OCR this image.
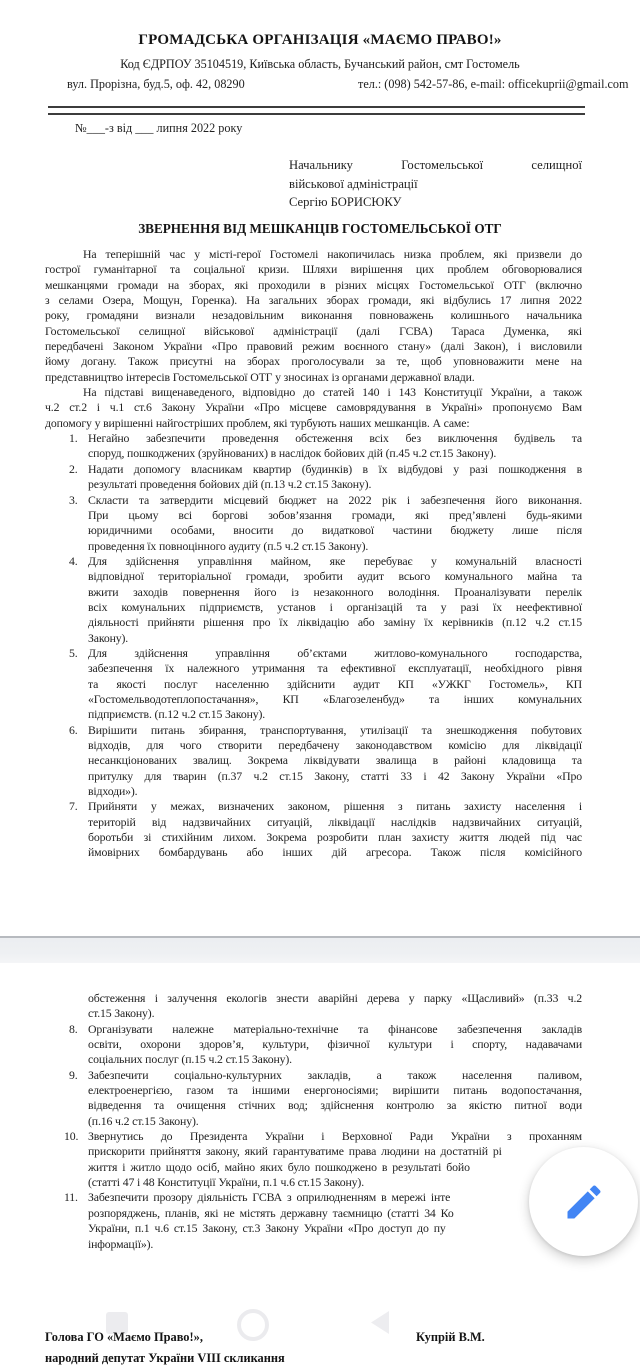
ГРОМАДСЬКА ОРГАНІЗАЦІЯ «МАЄМО ПРАВО!»
Код ЄДРПОУ 35104519, Київська область, Бучанський район, смт Гостомель
вул. Прорізна, буд.5, оф. 42, 08290	тел.: (098) 542-57-86, e-mail: officekuprii@gmail.com
№___-з від ___ липня 2022 року
Начальнику Гостомельської селищної
військової адміністрації
Сергію БОРИСЮКУ
ЗВЕРНЕННЯ ВІД МЕШКАНЦІВ ГОСТОМЕЛЬСЬКОЇ ОТГ
На теперішній час у місті-герої Гостомелі накопичилась низка проблем, які призвели до
гострої гуманітарної та соціальної кризи. Шляхи вирішення цих проблем обговорювалися
мешканцями громади на зборах, які проходили в різних місцях Гостомельської ОТГ (включно
з селами Озера, Мощун, Горенка). На загальних зборах громади, які відбулись 17 липня 2022
року, громадяни визнали незадовільним виконання повноважень колишнього начальника
Гостомельської селищної військової адміністрації (далі ГСВА) Тараса Думенка, які
передбачені Законом України «Про правовий режим воєнного стану» (далі Закон), і висловили
йому догану. Також присутні на зборах проголосували за те, щоб уповноважити мене на
представництво інтересів Гостомельської ОТГ у зносинах із органами державної влади.
На підставі вищенаведеного, відповідно до статей 140 і 143 Конституції України, а також
ч.2 ст.2 і ч.1 ст.6 Закону України «Про місцеве самоврядування в Україні» пропонуємо Вам
допомогу у вирішенні найгостріших проблем, які турбують наших мешканців. А саме:
1. Негайно забезпечити проведення обстеження всіх без виключення будівель та
споруд, пошкоджених (зруйнованих) в наслідок бойових дій (п.45 ч.2 ст.15 Закону).
2. Надати допомогу власникам квартир (будинків) в їх відбудові у разі пошкодження в
результаті проведення бойових дій (п.13 ч.2 ст.15 Закону).
3. Скласти та затвердити місцевий бюджет на 2022 рік і забезпечення його виконання.
При цьому всі боргові зобов’язання громади, які пред’явлені будь-якими
юридичними особами, вносити до видаткової частини бюджету лише після
проведення їх повноцінного аудиту (п.5 ч.2 ст.15 Закону).
4. Для здійснення управління майном, яке перебуває у комунальній власності
відповідної територіальної громади, зробити аудит всього комунального майна та
вжити заходів повернення його із незаконного володіння. Проаналізувати перелік
всіх комунальних підприємств, установ і організацій та у разі їх неефективної
діяльності прийняти рішення про їх ліквідацію або заміну їх керівників (п.12 ч.2 ст.15
Закону).
5. Для здійснення управління об’єктами житлово-комунального господарства,
забезпечення їх належного утримання та ефективної експлуатації, необхідного рівня
та якості послуг населенню здійснити аудит КП «УЖКГ Гостомель», КП
«Гостомельводотеплопостачання», КП «Благозеленбуд» та інших комунальних
підприємств. (п.12 ч.2 ст.15 Закону).
6. Вирішити питань збирання, транспортування, утилізації та знешкодження побутових
відходів, для чого створити передбачену законодавством комісію для ліквідації
несанкціонованих звалищ. Зокрема ліквідувати звалища в районі кладовища та
притулку для тварин (п.37 ч.2 ст.15 Закону, статті 33 і 42 Закону України «Про
відходи»).
7. Прийняти у межах, визначених законом, рішення з питань захисту населення і
територій від надзвичайних ситуацій, ліквідації наслідків надзвичайних ситуацій,
боротьби зі стихійним лихом. Зокрема розробити план захисту життя людей під час
ймовірних бомбардувань або інших дій агресора. Також після комісійного
обстеження і залучення екологів знести аварійні дерева у парку «Щасливий» (п.33 ч.2
ст.15 Закону).
8. Організувати належне матеріально-технічне та фінансове забезпечення закладів
освіти, охорони здоров’я, культури, фізичної культури і спорту, надавачами
соціальних послуг (п.15 ч.2 ст.15 Закону).
9. Забезпечити соціально-культурних закладів, а також населення паливом,
електроенергією, газом та іншими енергоносіями; вирішити питань водопостачання,
відведення та очищення стічних вод; здійснення контролю за якістю питної води
(п.16 ч.2 ст.15 Закону).
10. Звернутись до Президента України і Верховної Ради України з проханням
прискорити прийняття закону, який гарантуватиме права людини на достатній рі
життя і житло щодо осіб, майно яких було пошкоджено в результаті бойо
(статті 47 і 48 Конституції України, п.1 ч.6 ст.15 Закону).
11. Забезпечити прозору діяльність ГСВА з оприлюдненням в мережі інте
розпоряджень, планів, які не містять державну таємницю (статті 34 Ко
України, п.1 ч.6 ст.15 Закону, ст.3 Закону України «Про доступ до пу
інформації»).
Голова ГО «Маємо Право!»,
народний депутат України VIII скликання
Купрій В.М.
